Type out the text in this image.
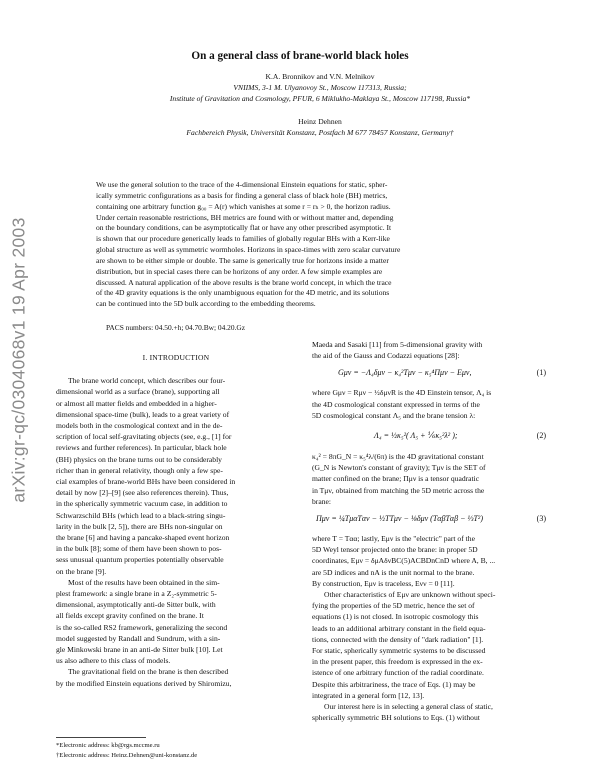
arXiv:gr-qc/0304068v1 19 Apr 2003
On a general class of brane-world black holes
K.A. Bronnikov and V.N. Melnikov
VNIIMS, 3-1 M. Ulyanovoy St., Moscow 117313, Russia;
Institute of Gravitation and Cosmology, PFUR, 6 Miklukho-Maklaya St., Moscow 117198, Russia*
Heinz Dehnen
Fachbereich Physik, Universität Konstanz, Postfach M 677 78457 Konstanz, Germany†

We use the general solution to the trace of the 4-dimensional Einstein equations for static, spher-

ically symmetric configurations as a basis for finding a general class of black hole (BH) metrics,

containing one arbitrary function g₀₀ = A(r) which vanishes at some r = rₕ > 0, the horizon radius.

Under certain reasonable restrictions, BH metrics are found with or without matter and, depending

on the boundary conditions, can be asymptotically flat or have any other prescribed asymptotic. It

is shown that our procedure generically leads to families of globally regular BHs with a Kerr-like

global structure as well as symmetric wormholes. Horizons in space-times with zero scalar curvature

are shown to be either simple or double. The same is generically true for horizons inside a matter

distribution, but in special cases there can be horizons of any order. A few simple examples are

discussed. A natural application of the above results is the brane world concept, in which the trace

of the 4D gravity equations is the only unambiguous equation for the 4D metric, and its solutions

can be continued into the 5D bulk according to the embedding theorems.

PACS numbers: 04.50.+h; 04.70.Bw; 04.20.Gz
I. INTRODUCTION

The brane world concept, which describes our four-

dimensional world as a surface (brane), supporting all

or almost all matter fields and embedded in a higher-

dimensional space-time (bulk), leads to a great variety of

models both in the cosmological context and in the de-

scription of local self-gravitating objects (see, e.g., [1] for

reviews and further references). In particular, black hole

(BH) physics on the brane turns out to be considerably

richer than in general relativity, though only a few spe-

cial examples of brane-world BHs have been considered in

detail by now [2]–[9] (see also references therein). Thus,

in the spherically symmetric vacuum case, in addition to

Schwarzschild BHs (which lead to a black-string singu-

larity in the bulk [2, 5]), there are BHs non-singular on

the brane [6] and having a pancake-shaped event horizon

in the bulk [8]; some of them have been shown to pos-

sess unusual quantum properties potentially observable

on the brane [9].

Most of the results have been obtained in the sim-

plest framework: a single brane in a Z₂-symmetric 5-

dimensional, asymptotically anti-de Sitter bulk, with

all fields except gravity confined on the brane. It

is the so-called RS2 framework, generalizing the second

model suggested by Randall and Sundrum, with a sin-

gle Minkowski brane in an anti-de Sitter bulk [10]. Let

us also adhere to this class of models.

The gravitational field on the brane is then described

by the modified Einstein equations derived by Shiromizu,

Maeda and Sasaki [11] from 5-dimensional gravity with

the aid of the Gauss and Codazzi equations [28]:

Gμν = −Λ₄δμν − κ₄²Tμν − κ₅⁴Πμν − Eμν,	(1)

where Gμν = Rμν − ½δμνR is the 4D Einstein tensor, Λ₄ is

the 4D cosmological constant expressed in terms of the

5D cosmological constant Λ₅ and the brane tension λ:

Λ₄ = ½κ₅²( Λ₅ + ⅙κ₅²λ² );	(2)

κ₄² = 8πG_N = κ₅⁴λ/(6π) is the 4D gravitational constant

(G_N is Newton's constant of gravity); Tμν is the SET of

matter confined on the brane; Πμν is a tensor quadratic

in Tμν, obtained from matching the 5D metric across the

brane:

Πμν = ¼TμαTαν − ½TTμν − ⅛δμν (TαβTαβ − ⅓T²)	(3)

where T = Tαα; lastly, Eμν is the "electric" part of the

5D Weyl tensor projected onto the brane: in proper 5D

coordinates, Eμν = δμAδνBC(5)ACBDnCnD where A, B, ...

are 5D indices and nA is the unit normal to the brane.

By construction, Eμν is traceless, Eνν = 0 [11].

Other characteristics of Eμν are unknown without speci-

fying the properties of the 5D metric, hence the set of

equations (1) is not closed. In isotropic cosmology this

leads to an additional arbitrary constant in the field equa-

tions, connected with the density of "dark radiation" [1].

For static, spherically symmetric systems to be discussed

in the present paper, this freedom is expressed in the ex-

istence of one arbitrary function of the radial coordinate.

Despite this arbitrariness, the trace of Eqs. (1) may be

integrated in a general form [12, 13].

Our interest here is in selecting a general class of static,

spherically symmetric BH solutions to Eqs. (1) without

*Electronic address: kb@rgs.mccme.ru
†Electronic address: Heinz.Dehnen@uni-konstanz.de
